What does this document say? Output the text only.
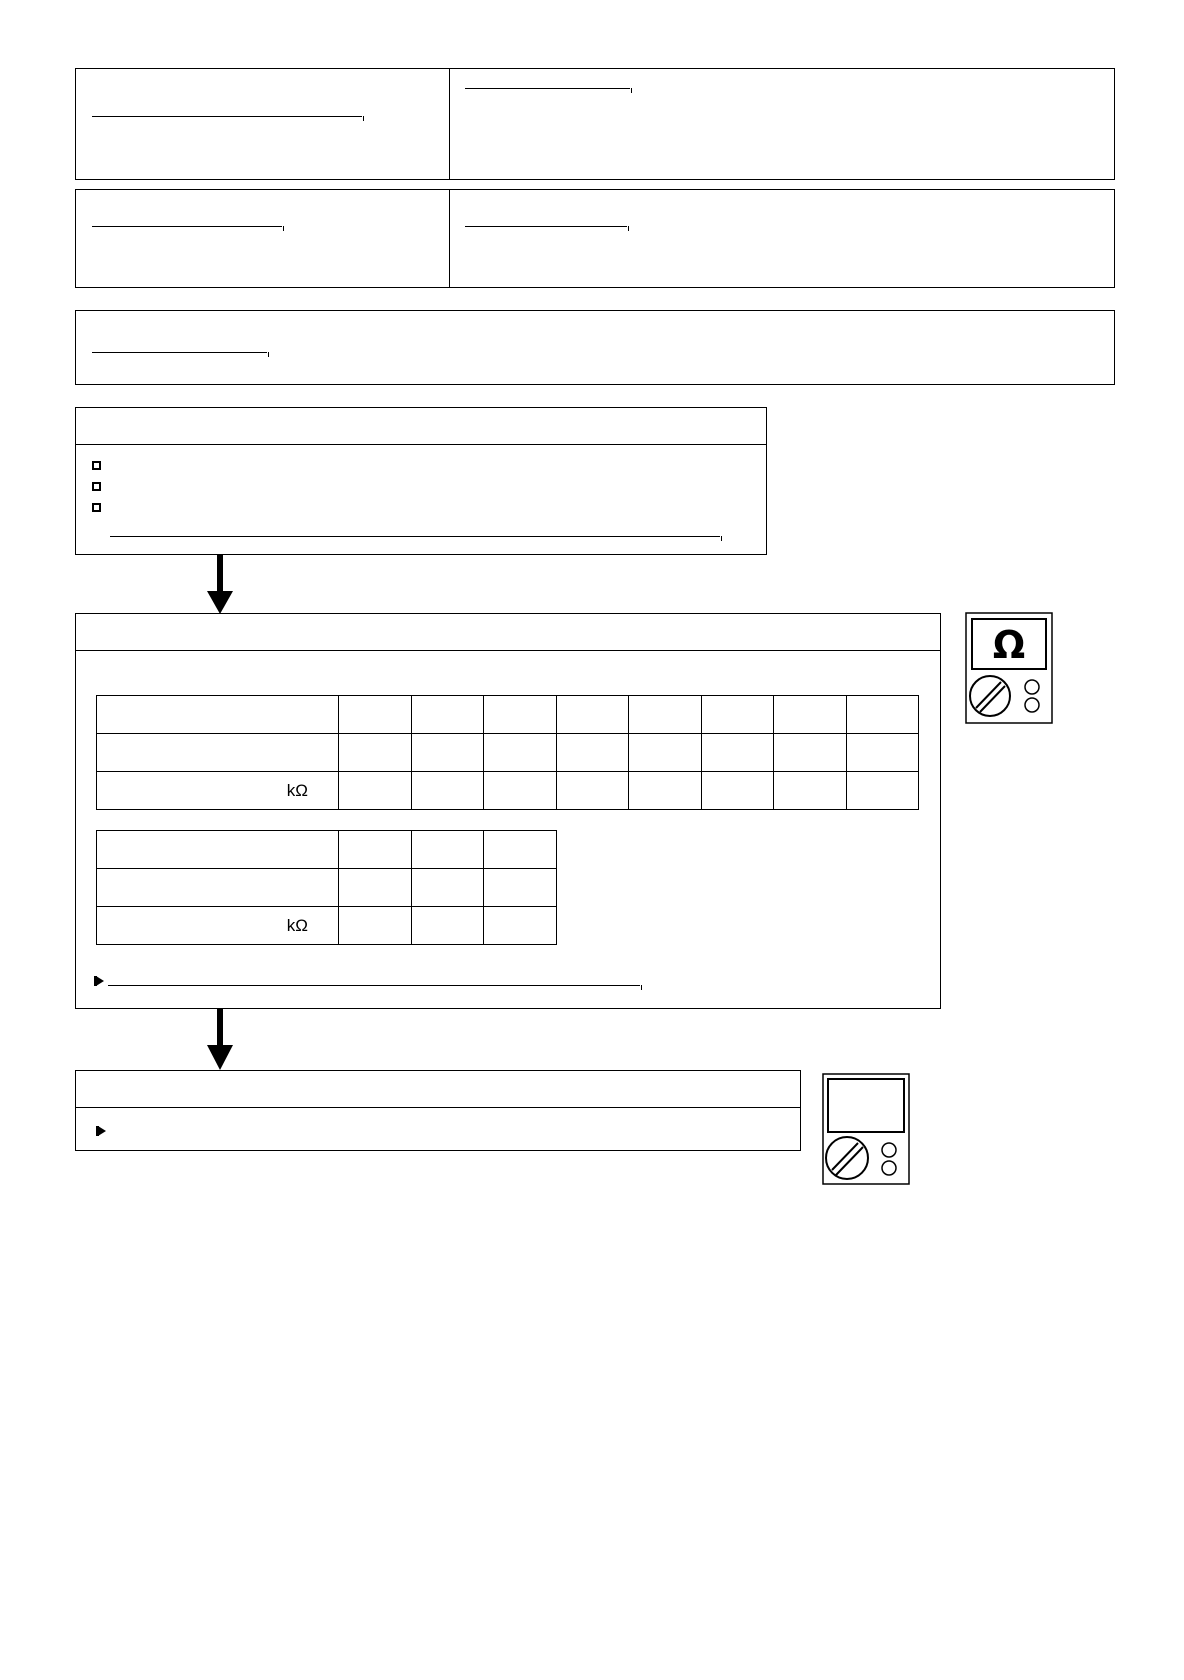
kΩ								

kΩ			
Ω
